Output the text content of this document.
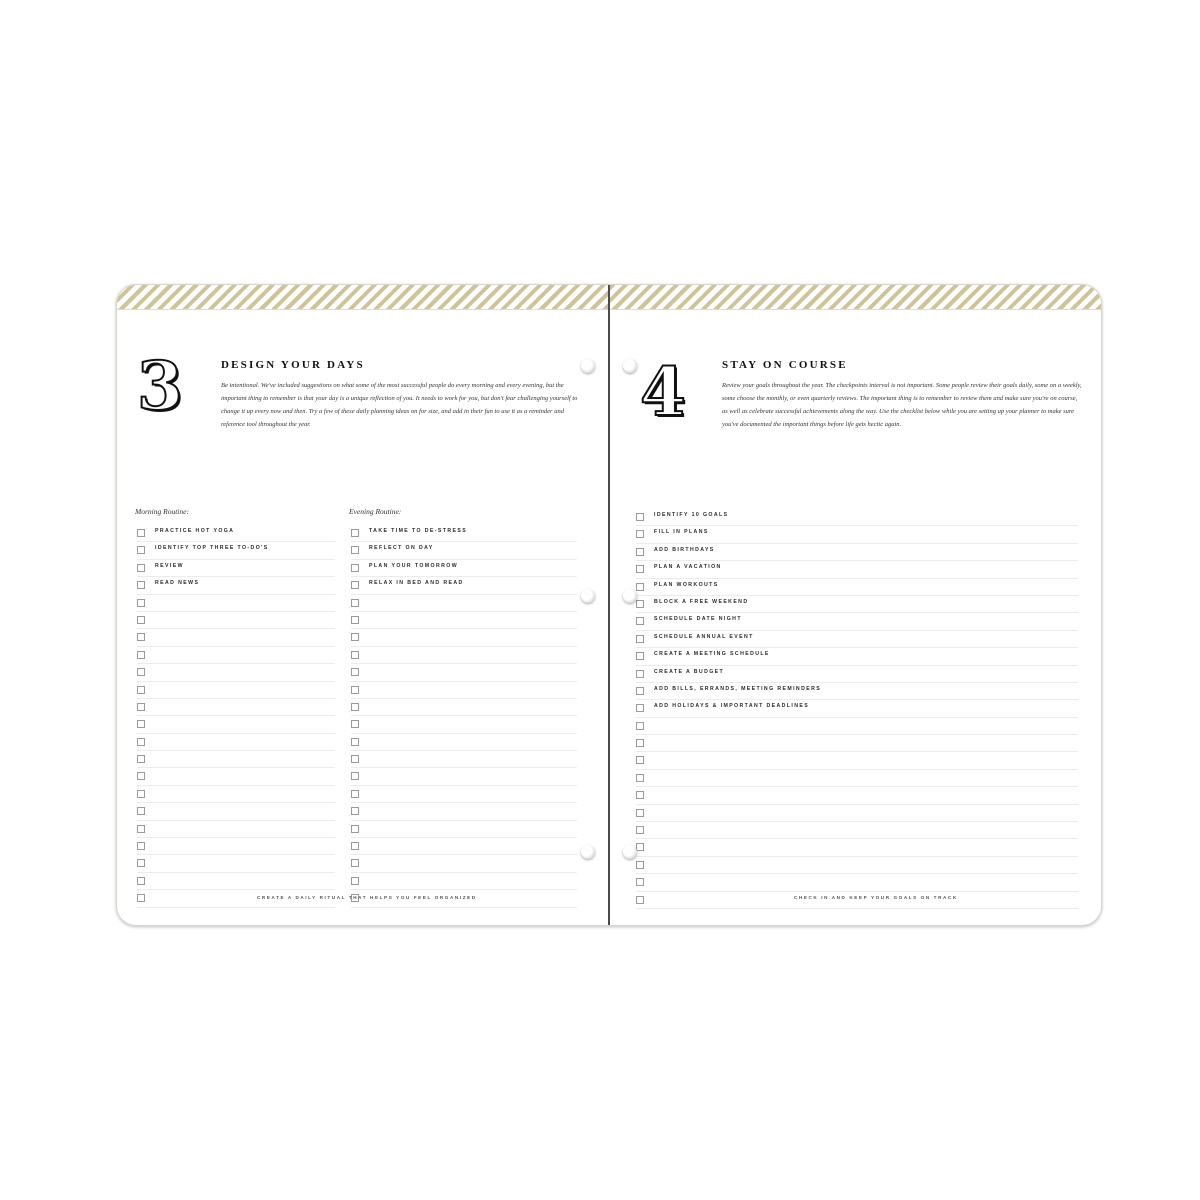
3	DESIGN YOUR DAYS
Be intentional. We've included suggestions on what some of the most successful people do every morning and every evening, but the important thing to remember is that your day is a unique reflection of you. It needs to work for you, but don't fear challenging yourself to change it up every now and then. Try a few of these daily planning ideas on for size, and add in their fun to use it as a reminder and reference tool throughout the year.
Morning Routine:	Evening Routine:
PRACTICE HOT YOGA
IDENTIFY TOP THREE TO-DO'S
REVIEW
READ NEWS
TAKE TIME TO DE-STRESS
REFLECT ON DAY
PLAN YOUR TOMORROW
RELAX IN BED AND READ
CREATE A DAILY RITUAL THAT HELPS YOU FEEL ORGANIZED
4	STAY ON COURSE
Review your goals throughout the year. The checkpoints interval is not important. Some people review their goals daily, some on a weekly, some choose the monthly, or even quarterly reviews. The important thing is to remember to review them and make sure you're on course, as well as celebrate successful achievements along the way. Use the checklist below while you are setting up your planner to make sure you've documented the important things before life gets hectic again.
IDENTIFY 10 GOALS
FILL IN PLANS
ADD BIRTHDAYS
PLAN A VACATION
PLAN WORKOUTS
BLOCK A FREE WEEKEND
SCHEDULE DATE NIGHT
SCHEDULE ANNUAL EVENT
CREATE A MEETING SCHEDULE
CREATE A BUDGET
ADD BILLS, ERRANDS, MEETING REMINDERS
ADD HOLIDAYS & IMPORTANT DEADLINES
CHECK IN AND KEEP YOUR GOALS ON TRACK
